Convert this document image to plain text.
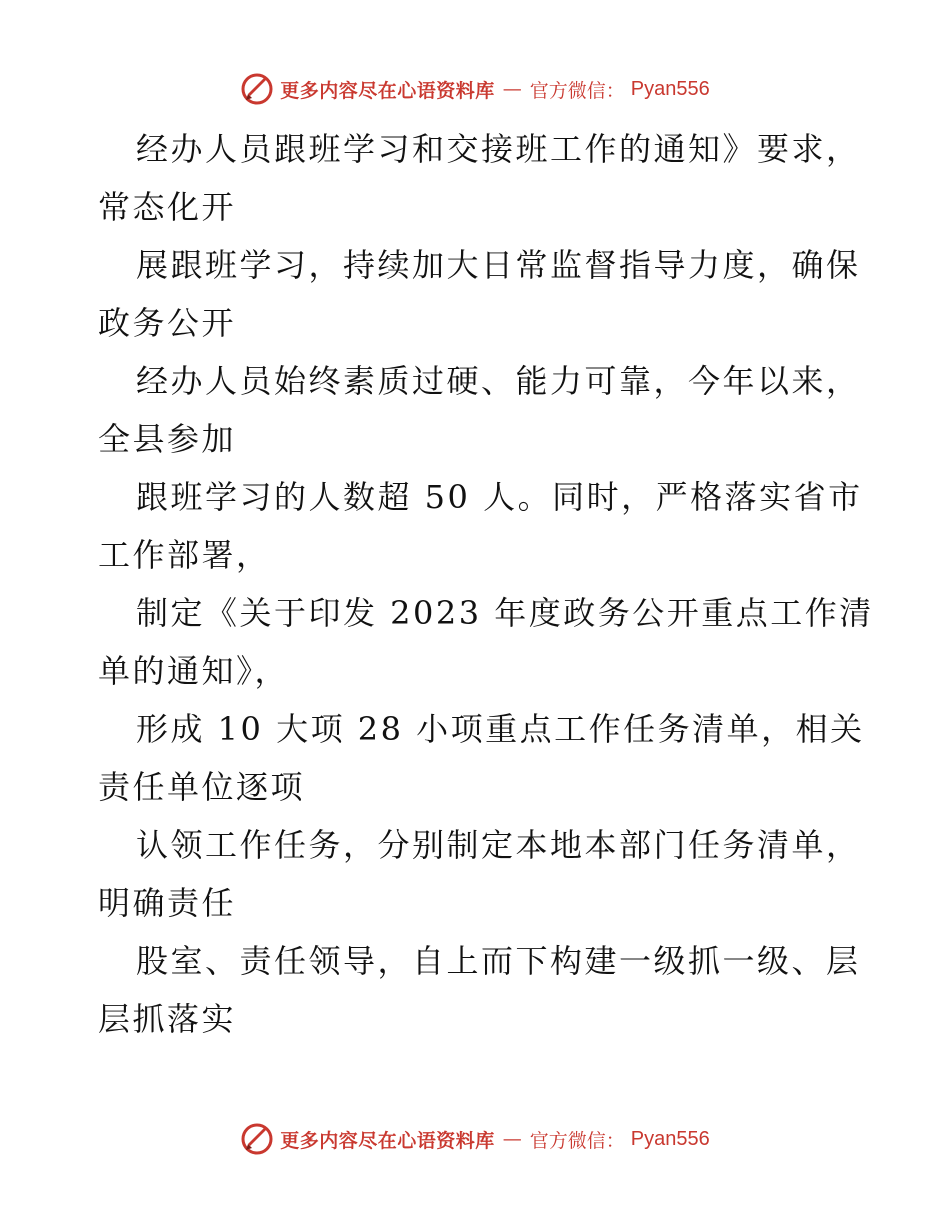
更多内容尽在心语资料库 — 官方微信： Pyan556
经办人员跟班学习和交接班工作的通知》要求，
常态化开
展跟班学习，持续加大日常监督指导力度，确保
政务公开
经办人员始终素质过硬、能力可靠，今年以来，
全县参加
跟班学习的人数超 50 人。同时，严格落实省市
工作部署，
制定《关于印发 2023 年度政务公开重点工作清
单的通知》，
形成 10 大项 28 小项重点工作任务清单，相关
责任单位逐项
认领工作任务，分别制定本地本部门任务清单，
明确责任
股室、责任领导，自上而下构建一级抓一级、层
层抓落实
更多内容尽在心语资料库 — 官方微信： Pyan556
